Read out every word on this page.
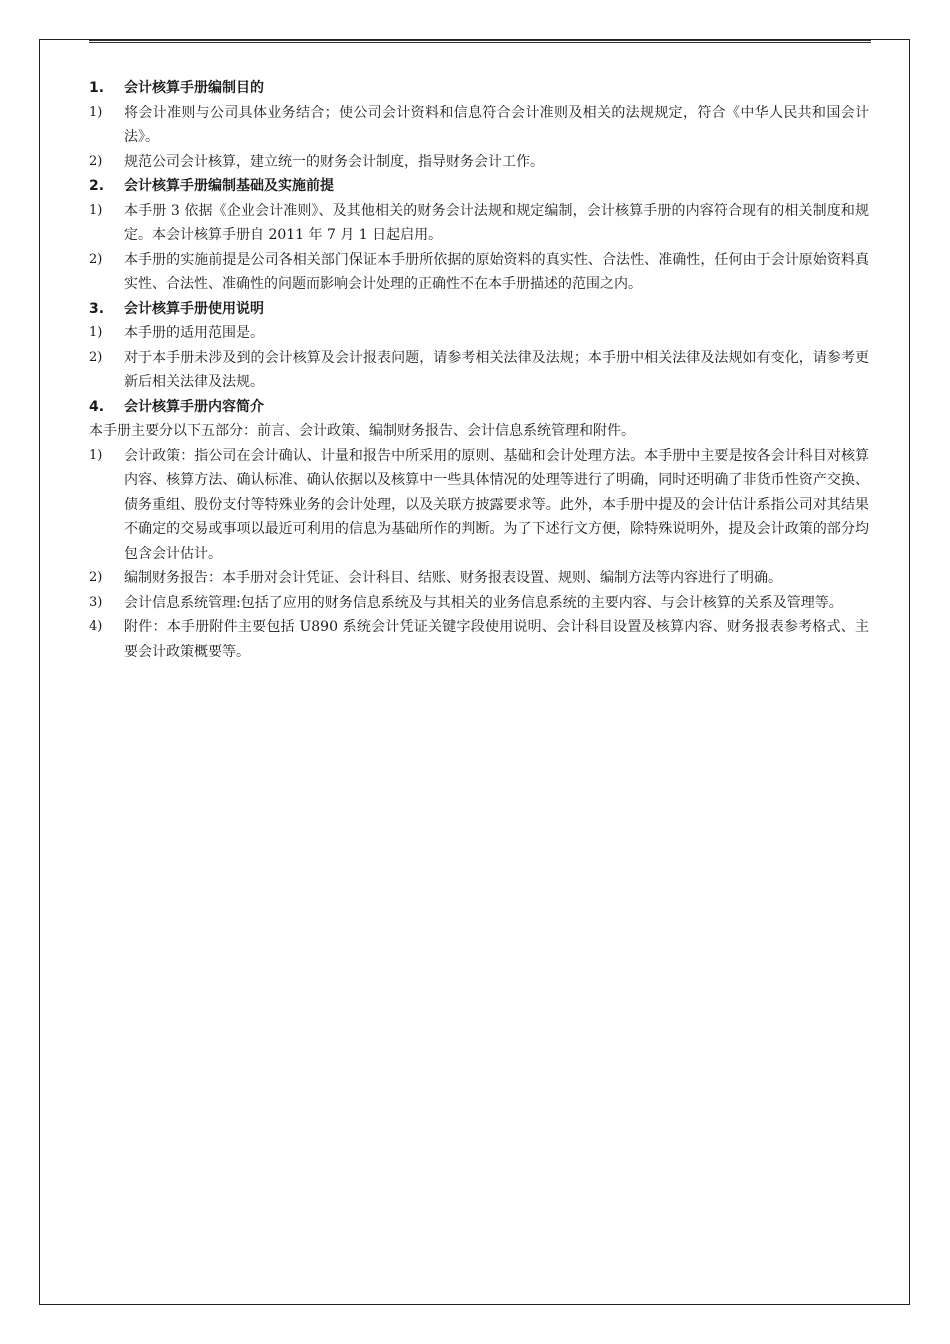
1.	会计核算手册编制目的
1)	将会计准则与公司具体业务结合；使公司会计资料和信息符合会计准则及相关的法规规定，符合《中华人民共和国会计法》。
2)	规范公司会计核算，建立统一的财务会计制度，指导财务会计工作。
2.	会计核算手册编制基础及实施前提
1)	本手册 3 依据《企业会计准则》、及其他相关的财务会计法规和规定编制，会计核算手册的内容符合现有的相关制度和规定。本会计核算手册自 2011 年 7 月 1 日起启用。
2)	本手册的实施前提是公司各相关部门保证本手册所依据的原始资料的真实性、合法性、准确性，任何由于会计原始资料真实性、合法性、准确性的问题而影响会计处理的正确性不在本手册描述的范围之内。
3.	会计核算手册使用说明
1)	本手册的适用范围是。
2)	对于本手册未涉及到的会计核算及会计报表问题，请参考相关法律及法规；本手册中相关法律及法规如有变化，请参考更新后相关法律及法规。
4.	会计核算手册内容简介
本手册主要分以下五部分：前言、会计政策、编制财务报告、会计信息系统管理和附件。
1)	会计政策：指公司在会计确认、计量和报告中所采用的原则、基础和会计处理方法。本手册中主要是按各会计科目对核算内容、核算方法、确认标准、确认依据以及核算中一些具体情况的处理等进行了明确，同时还明确了非货币性资产交换、债务重组、股份支付等特殊业务的会计处理，以及关联方披露要求等。此外，本手册中提及的会计估计系指公司对其结果不确定的交易或事项以最近可利用的信息为基础所作的判断。为了下述行文方便，除特殊说明外，提及会计政策的部分均包含会计估计。
2)	编制财务报告：本手册对会计凭证、会计科目、结账、财务报表设置、规则、编制方法等内容进行了明确。
3)	会计信息系统管理:包括了应用的财务信息系统及与其相关的业务信息系统的主要内容、与会计核算的关系及管理等。
4)	附件：本手册附件主要包括 U890 系统会计凭证关键字段使用说明、会计科目设置及核算内容、财务报表参考格式、主要会计政策概要等。
